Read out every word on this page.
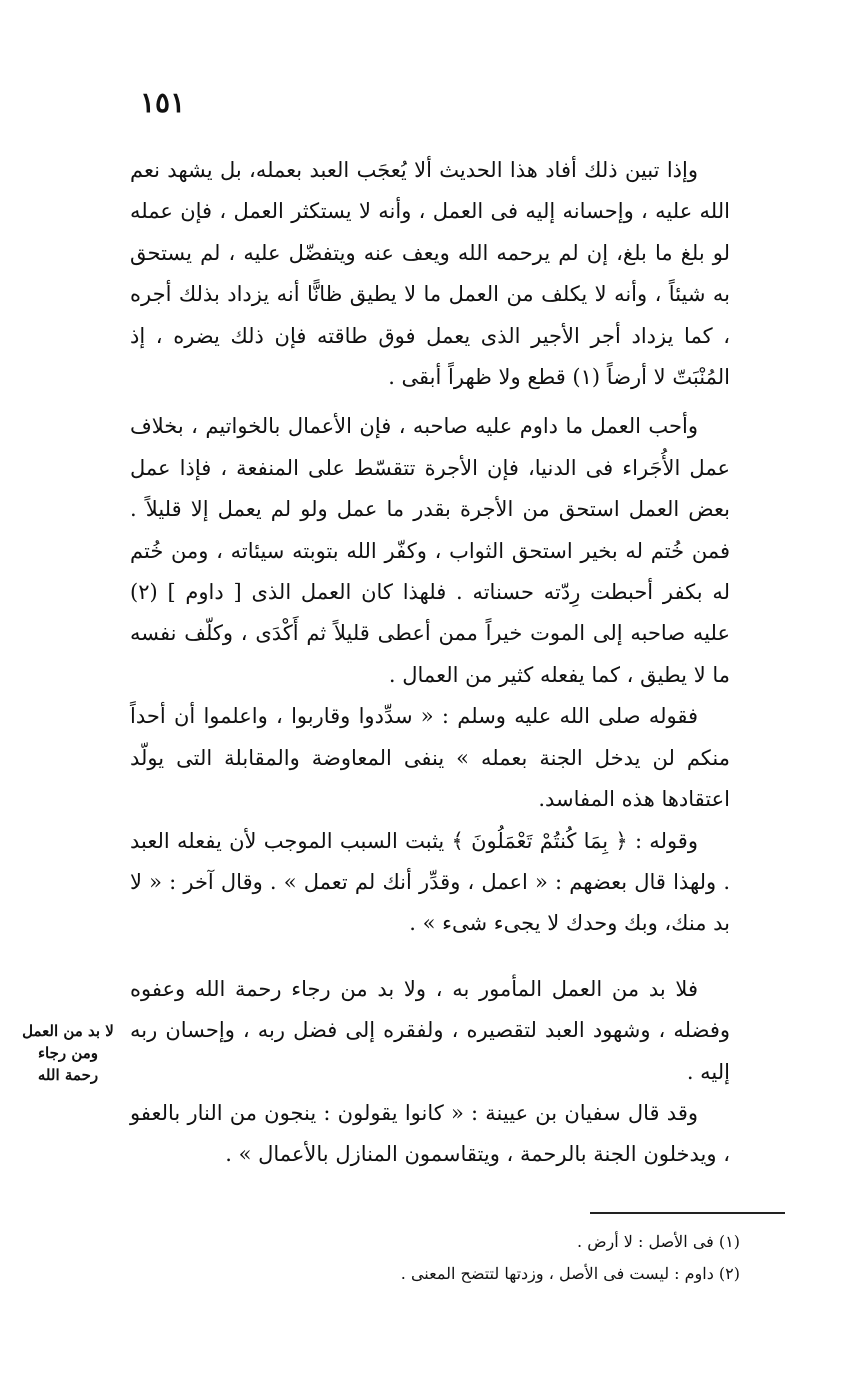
١٥١

وإذا تبين ذلك أفاد هذا الحديث ألا يُعجَب العبد بعمله، بل يشهد نعم الله عليه ، وإحسانه إليه فى العمل ، وأنه لا يستكثر العمل ، فإن عمله لو بلغ ما بلغ، إن لم يرحمه الله ويعف عنه ويتفضّل عليه ، لم يستحق به شيئاً ، وأنه لا يكلف من العمل ما لا يطيق ظانًّا أنه يزداد بذلك أجره ، كما يزداد أجر الأجير الذى يعمل فوق طاقته فإن ذلك يضره ، إذ المُنْبَتّ لا أرضاً (١) قطع ولا ظهراً أبقى .

وأحب العمل ما داوم عليه صاحبه ، فإن الأعمال بالخواتيم ، بخلاف عمل الأُجَراء فى الدنيا، فإن الأجرة تتقسّط على المنفعة ، فإذا عمل بعض العمل استحق من الأجرة بقدر ما عمل ولو لم يعمل إلا قليلاً . فمن خُتم له بخير استحق الثواب ، وكفّر الله بتوبته سيئاته ، ومن خُتم له بكفر أحبطت رِدّته حسناته . فلهذا كان العمل الذى [ داوم ] (٢) عليه صاحبه إلى الموت خيراً ممن أعطى قليلاً ثم أَكْدَى ، وكلّف نفسه ما لا يطيق ، كما يفعله كثير من العمال .

فقوله صلى الله عليه وسلم : « سدِّدوا وقاربوا ، واعلموا أن أحداً منكم لن يدخل الجنة بعمله » ينفى المعاوضة والمقابلة التى يولّد اعتقادها هذه المفاسد.

وقوله : ﴿ بِمَا كُنتُمْ تَعْمَلُونَ ﴾ يثبت السبب الموجب لأن يفعله العبد . ولهذا قال بعضهم : « اعمل ، وقدِّر أنك لم تعمل » . وقال آخر : « لا بد منك، وبك وحدك لا يجىء شىء » .

فلا بد من العمل المأمور به ، ولا بد من رجاء رحمة الله وعفوه وفضله ، وشهود العبد لتقصيره ، ولفقره إلى فضل ربه ، وإحسان ربه إليه .

وقد قال سفيان بن عيينة : « كانوا يقولون : ينجون من النار بالعفو ، ويدخلون الجنة بالرحمة ، ويتقاسمون المنازل بالأعمال » .

لا بد من العمل
ومن رجاء
رحمة الله
(١) فى الأصل : لا أرض .
(٢) داوم : ليست فى الأصل ، وزدتها لتتضح المعنى .
